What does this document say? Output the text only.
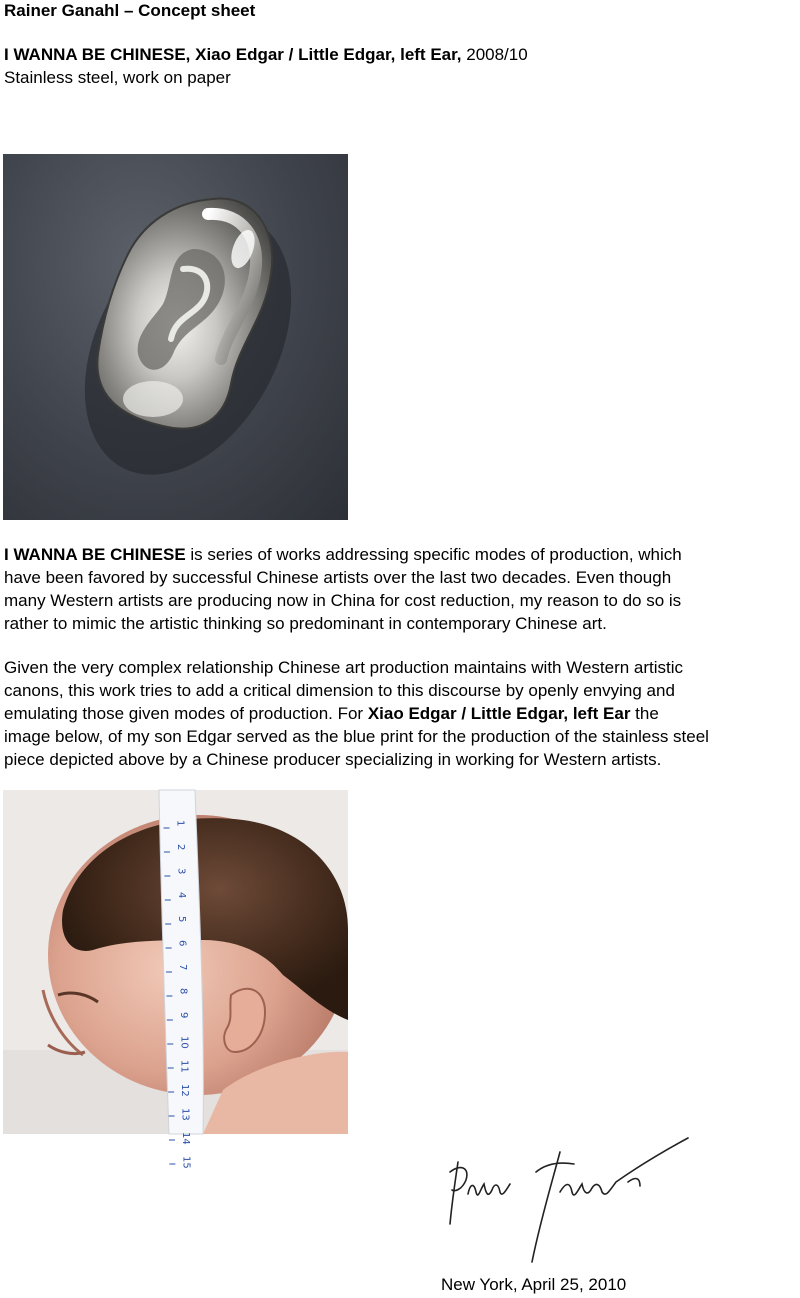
Rainer Ganahl – Concept sheet
I WANNA BE CHINESE, Xiao Edgar / Little Edgar, left Ear, 2008/10
Stainless steel, work on paper
I WANNA BE CHINESE is series of works addressing specific modes of production, which
have been favored by successful Chinese artists over the last two decades. Even though
many Western artists are producing now in China for cost reduction, my reason to do so is
rather to mimic the artistic thinking so predominant in contemporary Chinese art.
Given the very complex relationship Chinese art production maintains with Western artistic
canons, this work tries to add a critical dimension to this discourse by openly envying and
emulating those given modes of production. For Xiao Edgar / Little Edgar, left Ear the
image below, of my son Edgar served as the blue print for the production of the stainless steel
piece depicted above by a Chinese producer specializing in working for Western artists.
1
2
3
4
5
6
7
8
9
10
11
12
13
14
15
New York, April 25, 2010
